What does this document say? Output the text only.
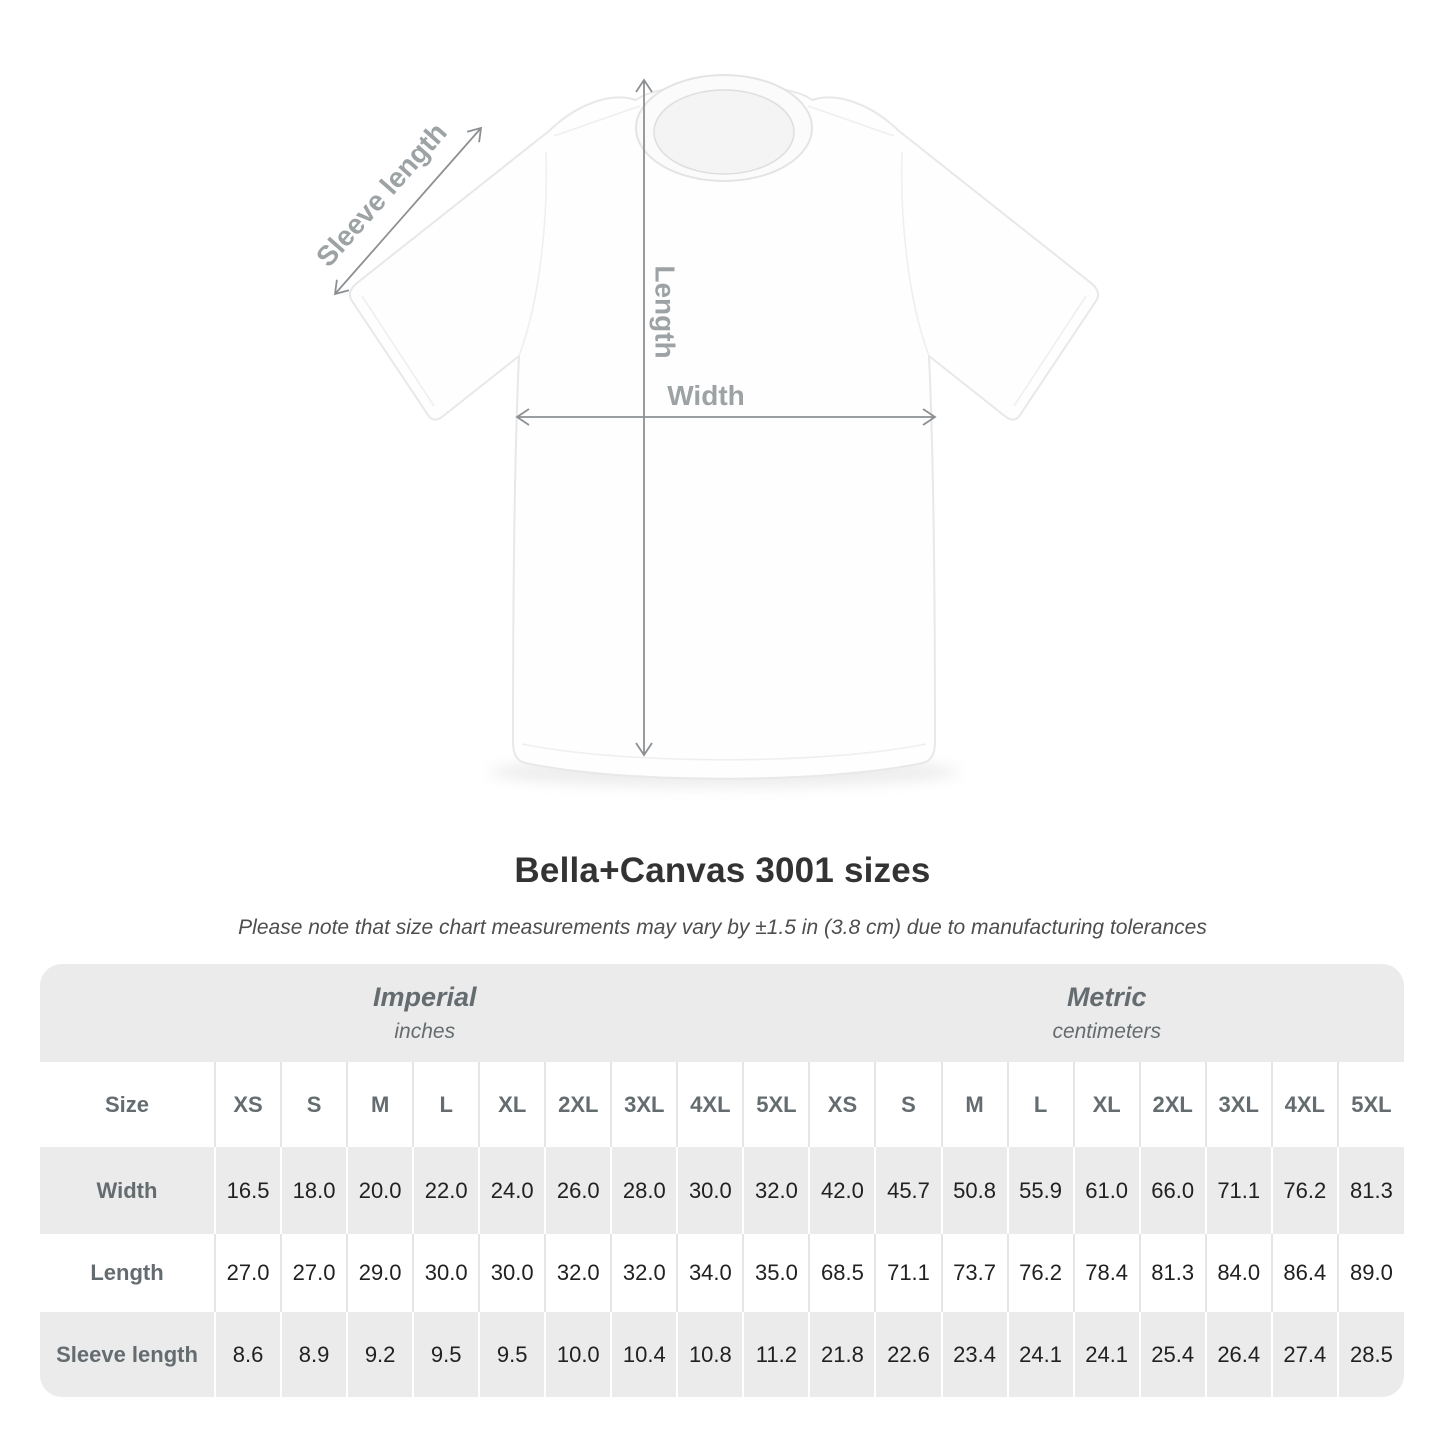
Sleeve length
Length
Width
Bella+Canvas 3001 sizes

Please note that size chart measurements may vary by ±1.5 in (3.8 cm) due to manufacturing tolerances

Imperial
inches

Metric
centimeters

Size	XS	S	M	L	XL	2XL	3XL	4XL	5XL	XS	S	M	L	XL	2XL	3XL	4XL	5XL
Width	16.5	18.0	20.0	22.0	24.0	26.0	28.0	30.0	32.0	42.0	45.7	50.8	55.9	61.0	66.0	71.1	76.2	81.3
Length	27.0	27.0	29.0	30.0	30.0	32.0	32.0	34.0	35.0	68.5	71.1	73.7	76.2	78.4	81.3	84.0	86.4	89.0
Sleeve length	8.6	8.9	9.2	9.5	9.5	10.0	10.4	10.8	11.2	21.8	22.6	23.4	24.1	24.1	25.4	26.4	27.4	28.5
